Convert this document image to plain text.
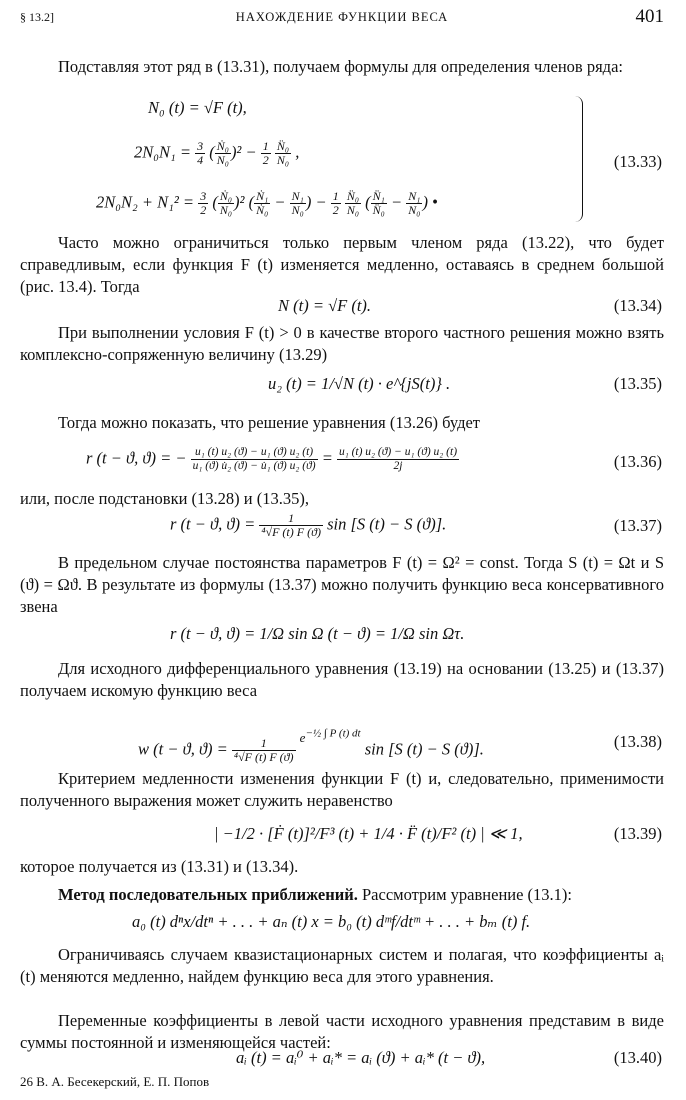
§ 13.2]	НАХОЖДЕНИЕ ФУНКЦИИ ВЕСА	401
Подставляя этот ряд в (13.31), получаем формулы для определения членов ряда:
N₀ (t) = √F (t),
$2N_0N_1 = \frac{3}{4}$ ( $\frac{\text{Ṅ₀}}{\text{N₀}} )^2 - \frac{1}{2}$
$\frac{\text{N̈₀}}{\text{N₀}}$ ,
$2N_0N_2 + N_1^2 = \frac{3}{2}$ ( $\frac{\text{Ṅ₀}}{\text{N₀}} )^2$ ( $\frac{\text{Ṅ₁}}{\text{Ṅ₀}} - \frac{\text{N₁}}{\text{N₀}}$ ) − $\frac{1}{2}$
$\frac{\text{N̈₀}}{\text{N₀}}$ ( $\frac{\text{N̈₁}}{\text{N̈₀}} - \frac{\text{N₁}}{\text{N₀}}$ ) •
(13.33)
Часто можно ограничиться только первым членом ряда (13.22), что будет справедливым, если функция F (t) изменяется медленно, оставаясь в среднем большой (рис. 13.4). Тогда
N (t) = √F (t).	(13.34)
При выполнении условия F (t) > 0 в качестве второго частного решения можно взять комплексно-сопряженную величину (13.29)
u₂ (t) = 1/√N (t) · e^{jS(t)} .	(13.35)
Тогда можно показать, что решение уравнения (13.26) будет
r (t − ϑ, ϑ) = − $\frac{\text{u₁ (t) u₂ (ϑ) − u₁ (ϑ) u₂ (t)}}{\text{u₁ (ϑ) u̇₂ (ϑ) − u̇₁ (ϑ) u₂ (ϑ)}} = \frac{\text{u₁ (t) u₂ (ϑ) − u₁ (ϑ) u₂ (t)}}{2j}$	(13.36)
или, после подстановки (13.28) и (13.35),
r (t − ϑ, $ϑ) = \frac{1}{\text{⁴√F (t) F (ϑ)}}$ sin [S (t) − S (ϑ)].	(13.37)
В предельном случае постоянства параметров F (t) = Ω² = const. Тогда S (t) = Ωt и S (ϑ) = Ωϑ. В результате из формулы (13.37) можно получить функцию веса консервативного звена
r (t − ϑ, ϑ) = 1/Ω sin Ω (t − ϑ) = 1/Ω sin Ωτ.
Для исходного дифференциального уравнения (13.19) на основании (13.25) и (13.37) получаем искомую функцию веса
w (t − ϑ, $ϑ) = \frac{1}{\text{⁴√F (t) F (ϑ)}} ^{e^{-\frac{1}{2} \int P (t) dt}}$ sin [S (t) − S (ϑ)].	(13.38)
Критерием медленности изменения функции F (t) и, следовательно, применимости полученного выражения может служить неравенство
| −1/2 · [Ḟ (t)]²/F³ (t) + 1/4 · F̈ (t)/F² (t) | ≪ 1,	(13.39)
которое получается из (13.31) и (13.34).
Метод последовательных приближений. Рассмотрим уравнение (13.1):
a₀ (t) dⁿx/dtⁿ + . . . + aₙ (t) x = b₀ (t) dᵐf/dtᵐ + . . . + bₘ (t) f.
Ограничиваясь случаем квазистационарных систем и полагая, что коэффициенты aᵢ (t) меняются медленно, найдем функцию веса для этого уравнения.
Переменные коэффициенты в левой части исходного уравнения представим в виде суммы постоянной и изменяющейся частей:
aᵢ (t) = aᵢ⁰ + aᵢ* = aᵢ (ϑ) + aᵢ* (t − ϑ),	(13.40)
26 В. А. Бесекерский, Е. П. Попов
